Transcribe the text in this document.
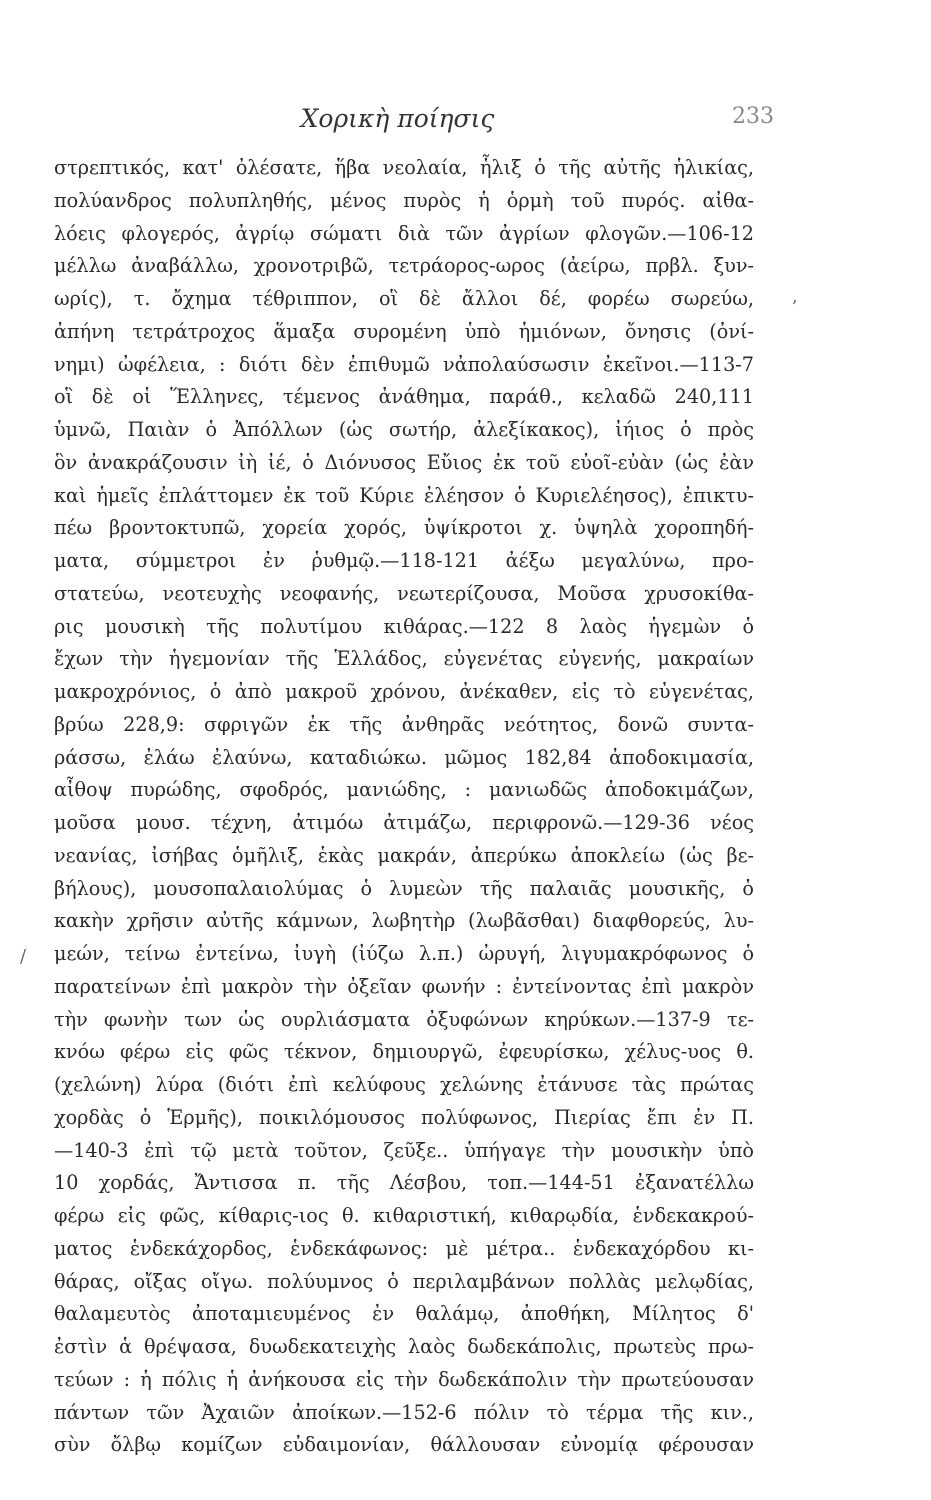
Χορικὴ ποίησις	233
στρεπτικός, κατ' ὀλέσατε, ἥβα νεολαία, ἧλιξ ὁ τῆς αὐτῆς ἡλικίας,
πολύανδρος πολυπληθής, μένος πυρὸς ἡ ὁρμὴ τοῦ πυρός. αἰθα-
λόεις φλογερός, ἀγρίῳ σώματι διὰ τῶν ἀγρίων φλογῶν.—106-12
μέλλω ἀναβάλλω, χρονοτριβῶ, τετράορος-ωρος (ἀείρω, πρβλ. ξυν-
ωρίς), τ. ὄχημα τέθριππον, οἳ δὲ ἄλλοι δέ, φορέω σωρεύω,
ἀπήνη τετράτροχος ἅμαξα συρομένη ὑπὸ ἡμιόνων, ὄνησις (ὀνί-
νημι) ὠφέλεια, : διότι δὲν ἐπιθυμῶ νἀπολαύσωσιν ἐκεῖνοι.—113-7
οἳ δὲ οἱ Ἕλληνες, τέμενος ἀνάθημα, παράθ., κελαδῶ 240,111
ὑμνῶ, Παιὰν ὁ Ἀπόλλων (ὡς σωτήρ, ἀλεξίκακος), ἰήιος ὁ πρὸς
ὃν ἀνακράζουσιν ἰὴ ἰέ, ὁ Διόνυσος Εὔιος ἐκ τοῦ εὐοῖ-εὐὰν (ὡς ἐὰν
καὶ ἡμεῖς ἐπλάττομεν ἐκ τοῦ Κύριε ἐλέησον ὁ Κυριελέησος), ἐπικτυ-
πέω βροντοκτυπῶ, χορεία χορός, ὑψίκροτοι χ. ὑψηλὰ χοροπηδή-
ματα, σύμμετροι ἐν ῥυθμῷ.—118-121 ἀέξω μεγαλύνω, προ-
στατεύω, νεοτευχὴς νεοφανής, νεωτερίζουσα, Μοῦσα χρυσοκίθα-
ρις μουσικὴ τῆς πολυτίμου κιθάρας.—122 8 λαὸς ἡγεμὼν ὁ
ἔχων τὴν ἡγεμονίαν τῆς Ἑλλάδος, εὐγενέτας εὐγενής, μακραίων
μακροχρόνιος, ὁ ἀπὸ μακροῦ χρόνου, ἀνέκαθεν, εἰς τὸ εὐγενέτας,
βρύω 228,9: σφριγῶν ἐκ τῆς ἀνθηρᾶς νεότητος, δονῶ συντα-
ράσσω, ἐλάω ἐλαύνω, καταδιώκω. μῶμος 182,84 ἀποδοκιμασία,
αἶθοψ πυρώδης, σφοδρός, μανιώδης, : μανιωδῶς ἀποδοκιμάζων,
μοῦσα μουσ. τέχνη, ἀτιμόω ἀτιμάζω, περιφρονῶ.—129-36 νέος
νεανίας, ἰσήβας ὁμῆλιξ, ἑκὰς μακράν, ἀπερύκω ἀποκλείω (ὡς βε-
βήλους), μουσοπαλαιολύμας ὁ λυμεὼν τῆς παλαιᾶς μουσικῆς, ὁ
κακὴν χρῆσιν αὐτῆς κάμνων, λωβητὴρ (λωβᾶσθαι) διαφθορεύς, λυ-
μεών, τείνω ἐντείνω, ἰυγὴ (ἰύζω λ.π.) ὠρυγή, λιγυμακρόφωνος ὁ
παρατείνων ἐπὶ μακρὸν τὴν ὀξεῖαν φωνήν : ἐντείνοντας ἐπὶ μακρὸν
τὴν φωνὴν των ὡς ουρλιάσματα ὀξυφώνων κηρύκων.—137-9 τε-
κνόω φέρω εἰς φῶς τέκνον, δημιουργῶ, ἐφευρίσκω, χέλυς-υος θ.
(χελώνη) λύρα (διότι ἐπὶ κελύφους χελώνης ἐτάνυσε τὰς πρώτας
χορδὰς ὁ Ἑρμῆς), ποικιλόμουσος πολύφωνος, Πιερίας ἔπι ἐν Π.
—140-3 ἐπὶ τῷ μετὰ τοῦτον, ζεῦξε.. ὑπήγαγε τὴν μουσικὴν ὑπὸ
10 χορδάς, Ἄντισσα π. τῆς Λέσβου, τοπ.—144-51 ἐξανατέλλω
φέρω εἰς φῶς, κίθαρις-ιος θ. κιθαριστική, κιθαρῳδία, ἑνδεκακρού-
ματος ἑνδεκάχορδος, ἑνδεκάφωνος: μὲ μέτρα.. ἑνδεκαχόρδου κι-
θάρας, οἴξας οἴγω. πολύυμνος ὁ περιλαμβάνων πολλὰς μελῳδίας,
θαλαμευτὸς ἀποταμιευμένος ἐν θαλάμῳ, ἀποθήκη, Μίλητος δ'
ἐστὶν ἁ θρέψασα, δυωδεκατειχὴς λαὸς δωδεκάπολις, πρωτεὺς πρω-
τεύων : ἡ πόλις ἡ ἀνήκουσα εἰς τὴν δωδεκάπολιν τὴν πρωτεύουσαν
πάντων τῶν Ἀχαιῶν ἀποίκων.—152-6 πόλιν τὸ τέρμα τῆς κιν.,
σὺν ὄλβῳ κομίζων εὐδαιμονίαν, θάλλουσαν εὐνομίᾳ φέρουσαν
,
/
